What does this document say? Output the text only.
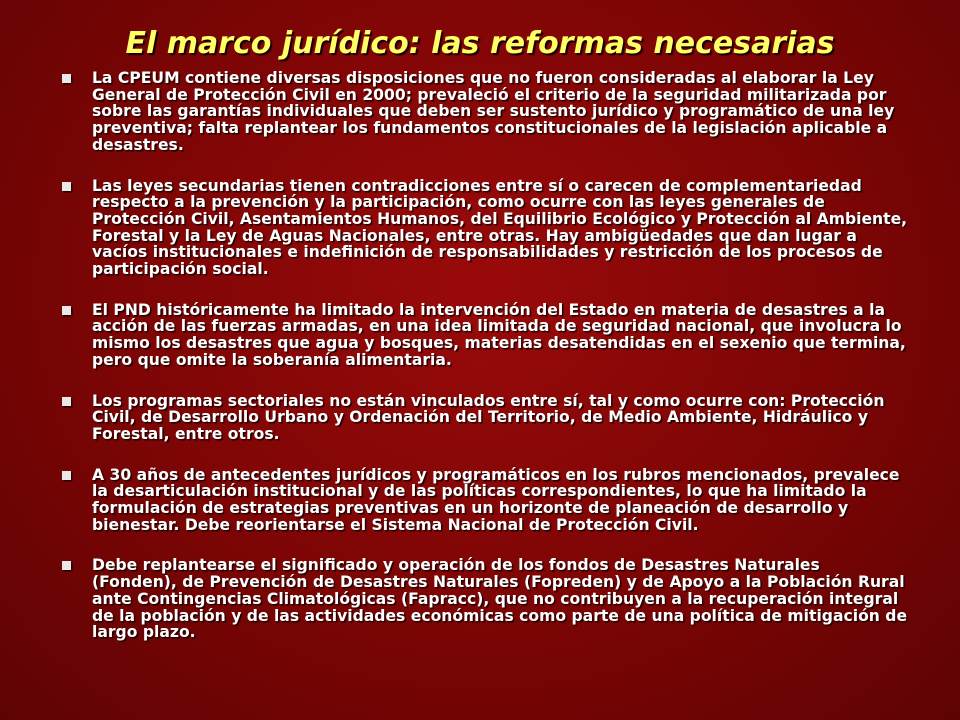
El marco jurídico: las reformas necesarias
La CPEUM contiene diversas disposiciones que no fueron consideradas al elaborar la Ley General de Protección Civil en 2000; prevaleció el criterio de la seguridad militarizada por sobre las garantías individuales que deben ser sustento jurídico y programático de una ley preventiva; falta replantear los fundamentos constitucionales de la legislación aplicable a desastres.
Las leyes secundarias tienen contradicciones entre sí o carecen de complementariedad respecto a la prevención y la participación, como ocurre con las leyes generales de Protección Civil, Asentamientos Humanos, del Equilibrio Ecológico y Protección al Ambiente, Forestal y la Ley de Aguas Nacionales, entre otras. Hay ambigüedades que dan lugar a vacíos institucionales e indefinición de responsabilidades y restricción de los procesos de participación social.
El PND históricamente ha limitado la intervención del Estado en materia de desastres a la acción de las fuerzas armadas, en una idea limitada de seguridad nacional, que involucra lo mismo los desastres que agua y bosques, materias desatendidas en el sexenio que termina, pero que omite la soberanía alimentaria.
Los programas sectoriales no están vinculados entre sí, tal y como ocurre con: Protección Civil, de Desarrollo Urbano y Ordenación del Territorio, de Medio Ambiente, Hidráulico y Forestal, entre otros.
A 30 años de antecedentes jurídicos y programáticos en los rubros mencionados, prevalece la desarticulación institucional y de las políticas correspondientes, lo que ha limitado la formulación de estrategias preventivas en un horizonte de planeación de desarrollo y bienestar. Debe reorientarse el Sistema Nacional de Protección Civil.
Debe replantearse el significado y operación de los fondos de Desastres Naturales (Fonden), de Prevención de Desastres Naturales (Fopreden) y de Apoyo a la Población Rural ante Contingencias Climatológicas (Fapracc), que no contribuyen a la recuperación integral de la población y de las actividades económicas como parte de una política de mitigación de largo plazo.
